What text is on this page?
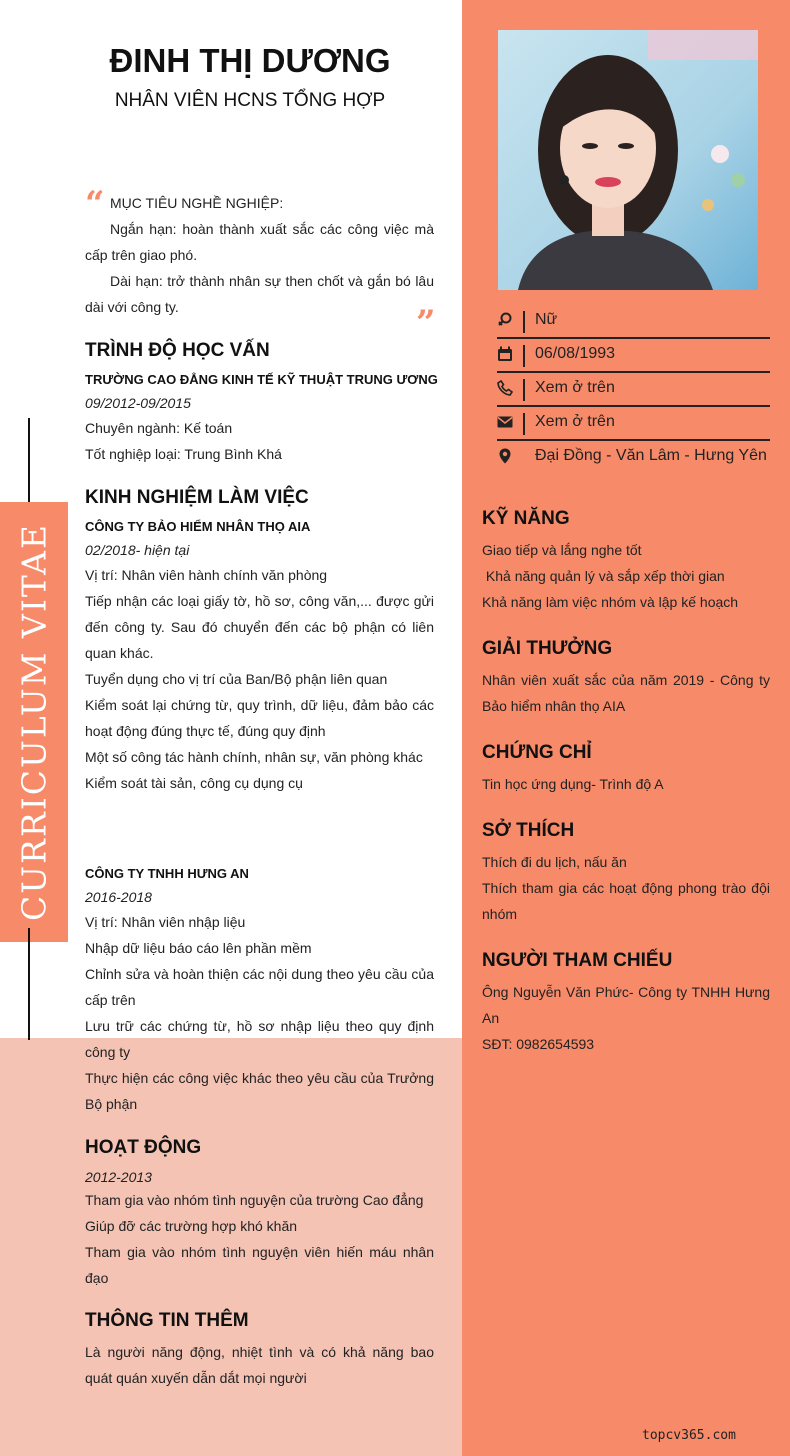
CURRICULUM VITAE
ĐINH THỊ DƯƠNG
NHÂN VIÊN HCNS TỔNG HỢP
“ MỤC TIÊU NGHỀ NGHIỆP:
Ngắn hạn: hoàn thành xuất sắc các công việc mà cấp trên giao phó.
Dài hạn: trở thành nhân sự then chốt và gắn bó lâu dài với công ty.	”
TRÌNH ĐỘ HỌC VẤN
TRƯỜNG CAO ĐẲNG KINH TẾ KỸ THUẬT TRUNG ƯƠNG
09/2012-09/2015
Chuyên ngành: Kế toán
Tốt nghiệp loại: Trung Bình Khá
KINH NGHIỆM LÀM VIỆC
CÔNG TY BẢO HIỂM NHÂN THỌ AIA
02/2018- hiện tại
Vị trí: Nhân viên hành chính văn phòng
Tiếp nhận các loại giấy tờ, hồ sơ, công văn,... được gửi đến công ty. Sau đó chuyển đến các bộ phận có liên quan khác.
Tuyển dụng cho vị trí của Ban/Bộ phận liên quan
Kiểm soát lại chứng từ, quy trình, dữ liệu, đảm bảo các hoạt động đúng thực tế, đúng quy định
Một số công tác hành chính, nhân sự, văn phòng khác
Kiểm soát tài sản, công cụ dụng cụ
CÔNG TY TNHH HƯNG AN
2016-2018
Vị trí: Nhân viên nhập liệu
Nhập dữ liệu báo cáo lên phần mềm
Chỉnh sửa và hoàn thiện các nội dung theo yêu cầu của cấp trên
Lưu trữ các chứng từ, hồ sơ nhập liệu theo quy định công ty
Thực hiện các công việc khác theo yêu cầu của Trưởng Bộ phận
HOẠT ĐỘNG
2012-2013
Tham gia vào nhóm tình nguyện của trường Cao đẳng
Giúp đỡ các trường hợp khó khăn
Tham gia vào nhóm tình nguyện viên hiến máu nhân đạo
THÔNG TIN THÊM
Là người năng động, nhiệt tình và có khả năng bao quát quán xuyến dẫn dắt mọi người
Nữ
06/08/1993
Xem ở trên
Xem ở trên
Đại Đồng - Văn Lâm - Hưng Yên
KỸ NĂNG
Giao tiếp và lắng nghe tốt
Khả năng quản lý và sắp xếp thời gian
Khả năng làm việc nhóm và lập kế hoạch
GIẢI THƯỞNG
Nhân viên xuất sắc của năm 2019 - Công ty Bảo hiểm nhân thọ AIA
CHỨNG CHỈ
Tin học ứng dụng- Trình độ A
SỞ THÍCH
Thích đi du lịch, nấu ăn
Thích tham gia các hoạt động phong trào đội nhóm
NGƯỜI THAM CHIẾU
Ông Nguyễn Văn Phức- Công ty TNHH Hưng An
SĐT: 0982654593
topcv365.com
